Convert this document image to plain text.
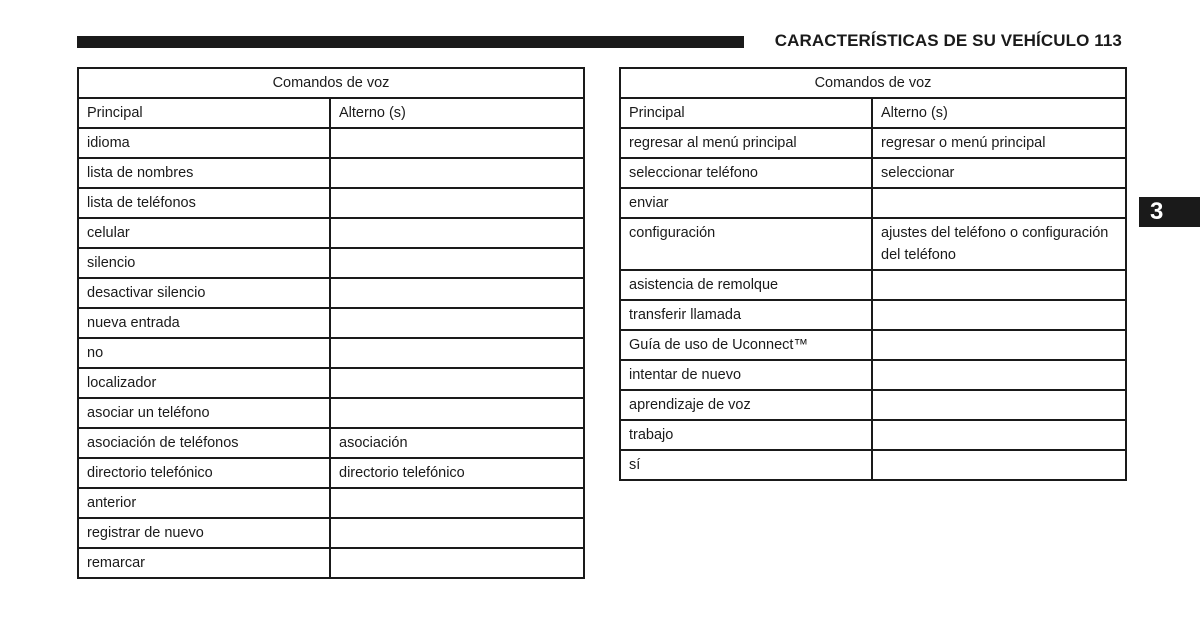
CARACTERÍSTICAS DE SU VEHÍCULO 113
3
Comandos de voz	
Principal	Alterno (s)
idioma	
lista de nombres	
lista de teléfonos	
celular	
silencio	
desactivar silencio	
nueva entrada	
no	
localizador	
asociar un teléfono	
asociación de teléfonos	asociación
directorio telefónico	directorio telefónico
anterior	
registrar de nuevo	
remarcar	
Comandos de voz	
Principal	Alterno (s)
regresar al menú principal	regresar o menú principal
seleccionar teléfono	seleccionar
enviar	
configuración	ajustes del teléfono o configuración del teléfono
asistencia de remolque	
transferir llamada	
Guía de uso de Uconnect™	
intentar de nuevo	
aprendizaje de voz	
trabajo	
sí	
